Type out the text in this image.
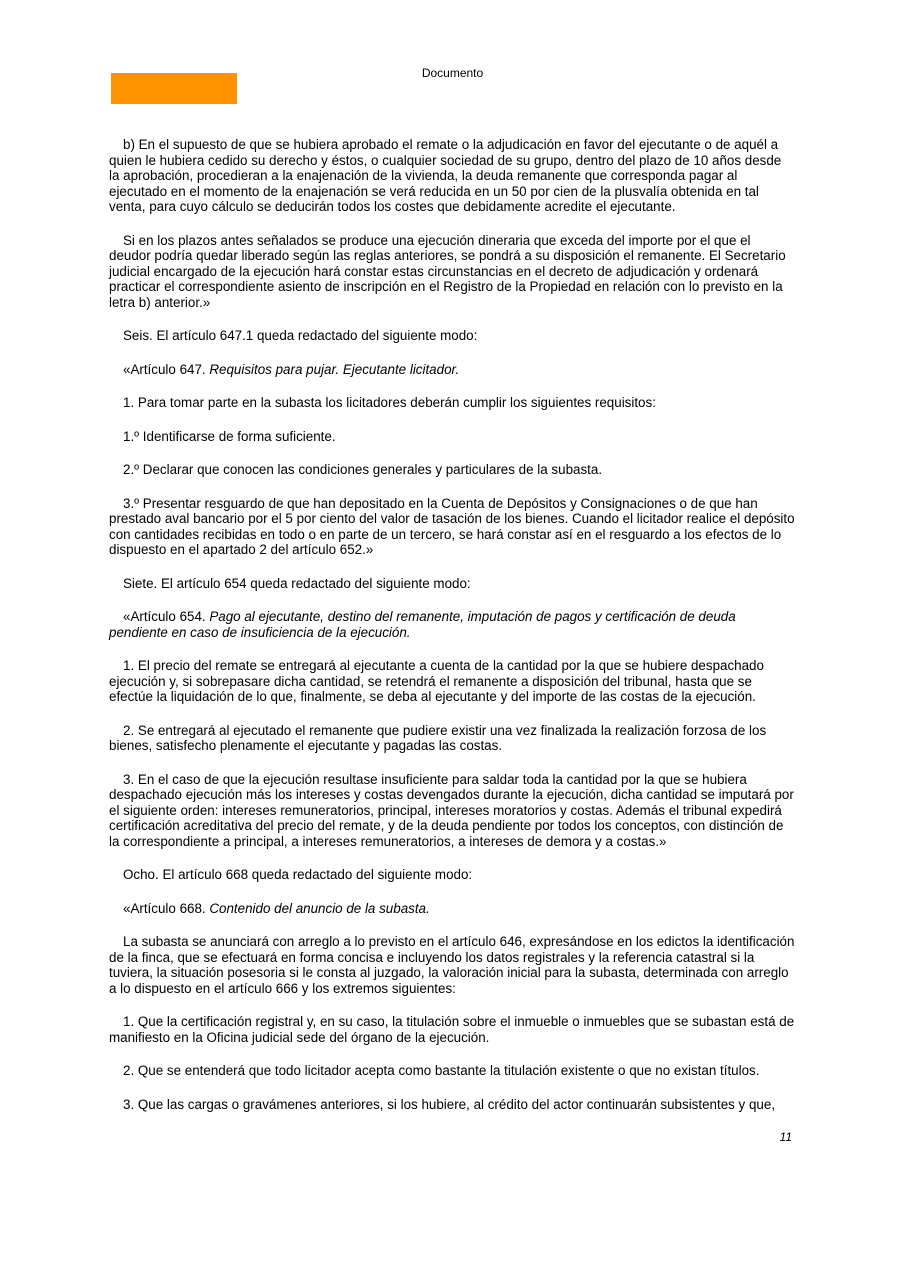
Documento

b) En el supuesto de que se hubiera aprobado el remate o la adjudicación en favor del ejecutante o de aquél a quien le hubiera cedido su derecho y éstos, o cualquier sociedad de su grupo, dentro del plazo de 10 años desde la aprobación, procedieran a la enajenación de la vivienda, la deuda remanente que corresponda pagar al ejecutado en el momento de la enajenación se verá reducida en un 50 por cien de la plusvalía obtenida en tal venta, para cuyo cálculo se deducirán todos los costes que debidamente acredite el ejecutante.

Si en los plazos antes señalados se produce una ejecución dineraria que exceda del importe por el que el deudor podría quedar liberado según las reglas anteriores, se pondrá a su disposición el remanente. El Secretario judicial encargado de la ejecución hará constar estas circunstancias en el decreto de adjudicación y ordenará practicar el correspondiente asiento de inscripción en el Registro de la Propiedad en relación con lo previsto en la letra b) anterior.»

Seis. El artículo 647.1 queda redactado del siguiente modo:

«Artículo 647. Requisitos para pujar. Ejecutante licitador.

1. Para tomar parte en la subasta los licitadores deberán cumplir los siguientes requisitos:

1.º Identificarse de forma suficiente.

2.º Declarar que conocen las condiciones generales y particulares de la subasta.

3.º Presentar resguardo de que han depositado en la Cuenta de Depósitos y Consignaciones o de que han prestado aval bancario por el 5 por ciento del valor de tasación de los bienes. Cuando el licitador realice el depósito con cantidades recibidas en todo o en parte de un tercero, se hará constar así en el resguardo a los efectos de lo dispuesto en el apartado 2 del artículo 652.»

Siete. El artículo 654 queda redactado del siguiente modo:

«Artículo 654. Pago al ejecutante, destino del remanente, imputación de pagos y certificación de deuda pendiente en caso de insuficiencia de la ejecución.

1. El precio del remate se entregará al ejecutante a cuenta de la cantidad por la que se hubiere despachado ejecución y, si sobrepasare dicha cantidad, se retendrá el remanente a disposición del tribunal, hasta que se efectúe la liquidación de lo que, finalmente, se deba al ejecutante y del importe de las costas de la ejecución.

2. Se entregará al ejecutado el remanente que pudiere existir una vez finalizada la realización forzosa de los bienes, satisfecho plenamente el ejecutante y pagadas las costas.

3. En el caso de que la ejecución resultase insuficiente para saldar toda la cantidad por la que se hubiera despachado ejecución más los intereses y costas devengados durante la ejecución, dicha cantidad se imputará por el siguiente orden: intereses remuneratorios, principal, intereses moratorios y costas. Además el tribunal expedirá certificación acreditativa del precio del remate, y de la deuda pendiente por todos los conceptos, con distinción de la correspondiente a principal, a intereses remuneratorios, a intereses de demora y a costas.»

Ocho. El artículo 668 queda redactado del siguiente modo:

«Artículo 668. Contenido del anuncio de la subasta.

La subasta se anunciará con arreglo a lo previsto en el artículo 646, expresándose en los edictos la identificación de la finca, que se efectuará en forma concisa e incluyendo los datos registrales y la referencia catastral si la tuviera, la situación posesoria si le consta al juzgado, la valoración inicial para la subasta, determinada con arreglo a lo dispuesto en el artículo 666 y los extremos siguientes:

1. Que la certificación registral y, en su caso, la titulación sobre el inmueble o inmuebles que se subastan está de manifiesto en la Oficina judicial sede del órgano de la ejecución.

2. Que se entenderá que todo licitador acepta como bastante la titulación existente o que no existan títulos.

3. Que las cargas o gravámenes anteriores, si los hubiere, al crédito del actor continuarán subsistentes y que,

11
